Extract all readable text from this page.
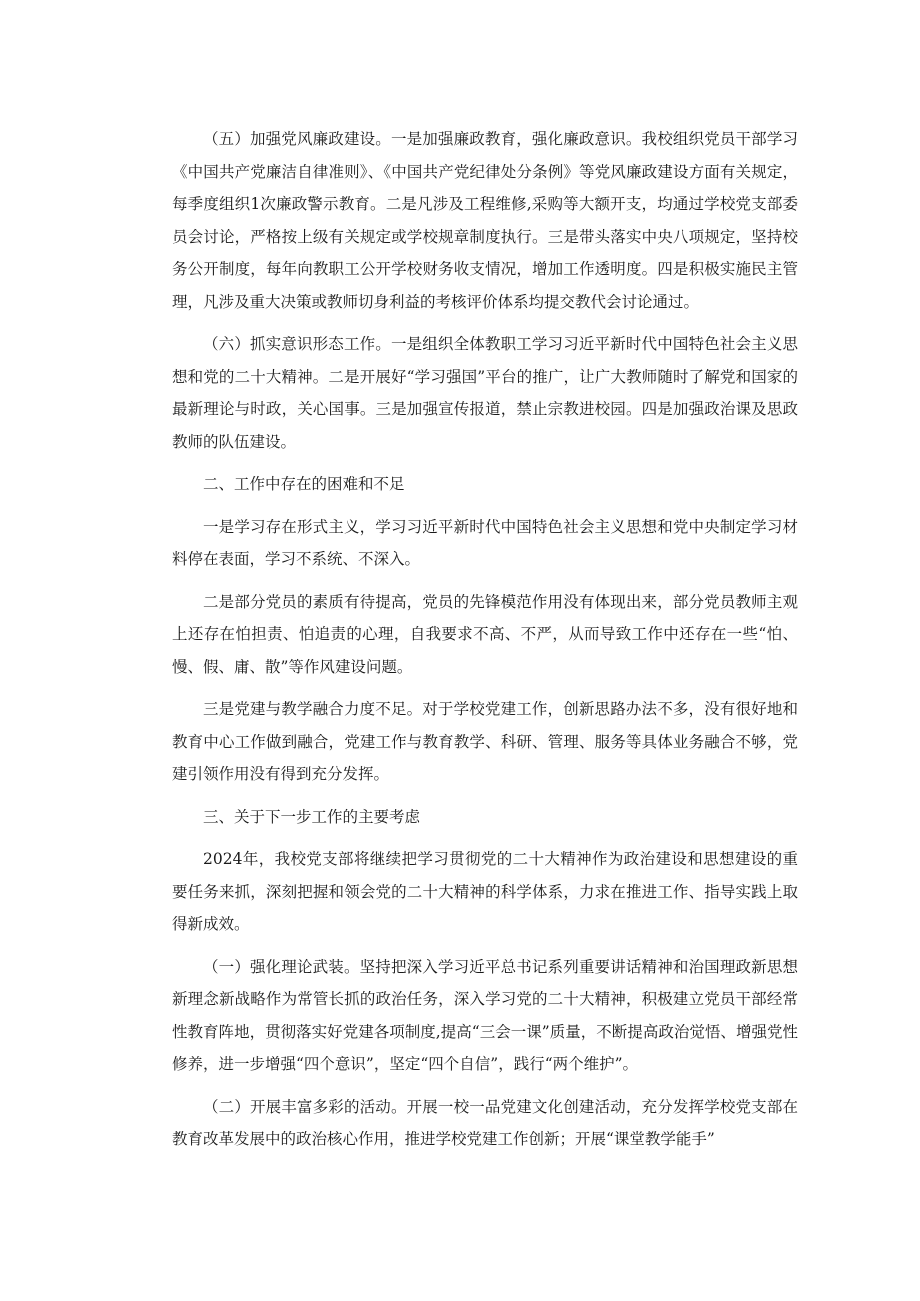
（五）加强党风廉政建设。一是加强廉政教育，强化廉政意识。我校组织党员干部学习《中国共产党廉洁自律准则》、《中国共产党纪律处分条例》等党风廉政建设方面有关规定，每季度组织1次廉政警示教育。二是凡涉及工程维修,采购等大额开支，均通过学校党支部委员会讨论，严格按上级有关规定或学校规章制度执行。三是带头落实中央八项规定，坚持校务公开制度，每年向教职工公开学校财务收支情况，增加工作透明度。四是积极实施民主管理，凡涉及重大决策或教师切身利益的考核评价体系均提交教代会讨论通过。

（六）抓实意识形态工作。一是组织全体教职工学习习近平新时代中国特色社会主义思想和党的二十大精神。二是开展好“学习强国”平台的推广，让广大教师随时了解党和国家的最新理论与时政，关心国事。三是加强宣传报道，禁止宗教进校园。四是加强政治课及思政教师的队伍建设。

二、工作中存在的困难和不足

一是学习存在形式主义，学习习近平新时代中国特色社会主义思想和党中央制定学习材料停在表面，学习不系统、不深入。

二是部分党员的素质有待提高，党员的先锋模范作用没有体现出来，部分党员教师主观上还存在怕担责、怕追责的心理，自我要求不高、不严，从而导致工作中还存在一些“怕、慢、假、庸、散”等作风建设问题。

三是党建与教学融合力度不足。对于学校党建工作，创新思路办法不多，没有很好地和教育中心工作做到融合，党建工作与教育教学、科研、管理、服务等具体业务融合不够，党建引领作用没有得到充分发挥。

三、关于下一步工作的主要考虑

2024年，我校党支部将继续把学习贯彻党的二十大精神作为政治建设和思想建设的重要任务来抓，深刻把握和领会党的二十大精神的科学体系，力求在推进工作、指导实践上取得新成效。

（一）强化理论武装。坚持把深入学习近平总书记系列重要讲话精神和治国理政新思想新理念新战略作为常管长抓的政治任务，深入学习党的二十大精神，积极建立党员干部经常性教育阵地，贯彻落实好党建各项制度,提高“三会一课”质量，不断提高政治觉悟、增强党性修养，进一步增强“四个意识”，坚定“四个自信”，践行“两个维护”。

（二）开展丰富多彩的活动。开展一校一品党建文化创建活动，充分发挥学校党支部在教育改革发展中的政治核心作用，推进学校党建工作创新；开展“课堂教学能手”
